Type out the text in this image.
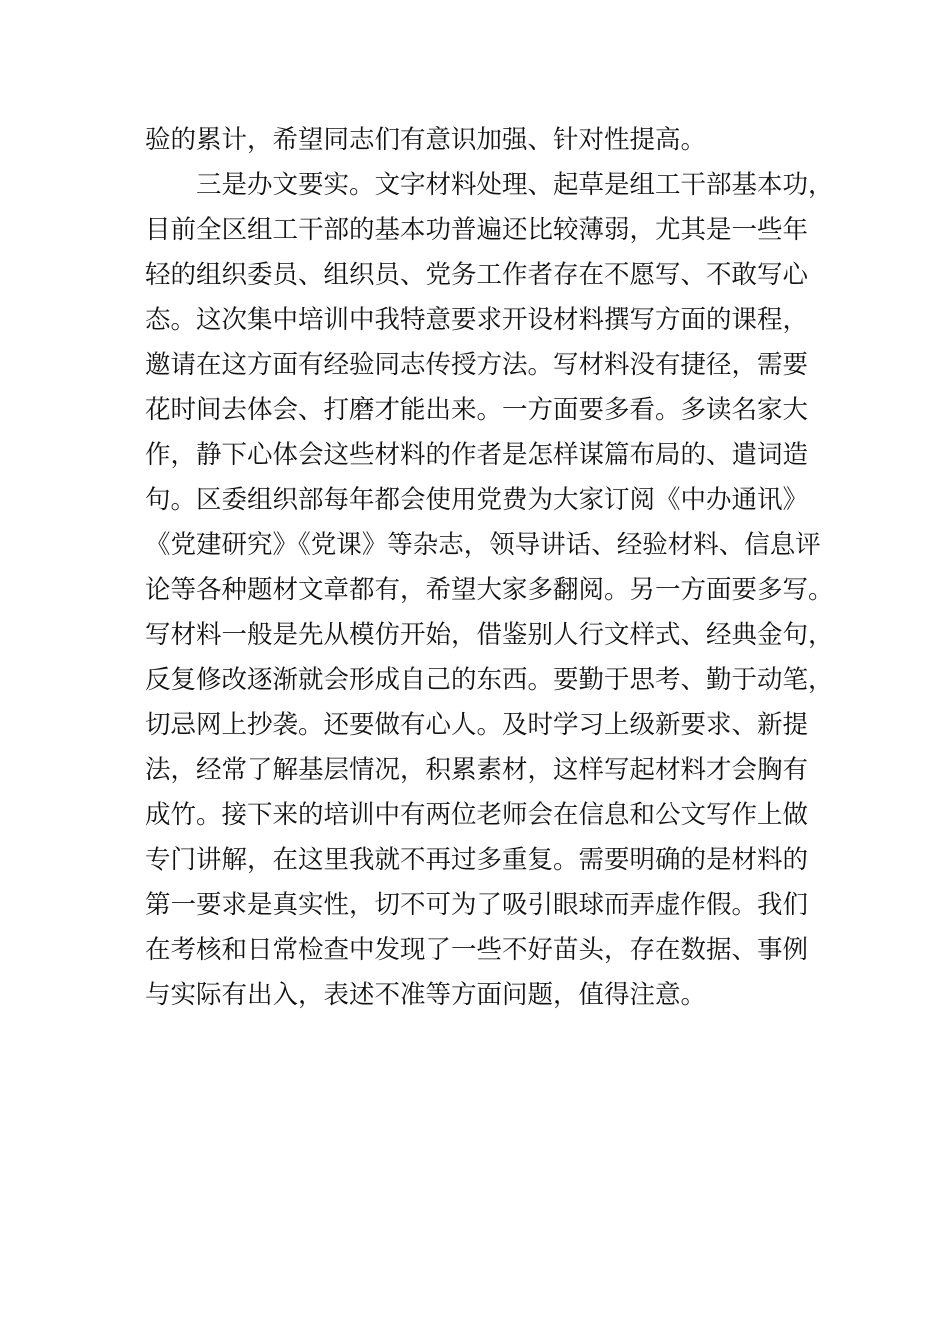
验的累计，希望同志们有意识加强、针对性提高。
三是办文要实。文字材料处理、起草是组工干部基本功，
目前全区组工干部的基本功普遍还比较薄弱，尤其是一些年
轻的组织委员、组织员、党务工作者存在不愿写、不敢写心
态。这次集中培训中我特意要求开设材料撰写方面的课程，
邀请在这方面有经验同志传授方法。写材料没有捷径，需要
花时间去体会、打磨才能出来。一方面要多看。多读名家大
作，静下心体会这些材料的作者是怎样谋篇布局的、遣词造
句。区委组织部每年都会使用党费为大家订阅《中办通讯》
《党建研究》《党课》等杂志，领导讲话、经验材料、信息评
论等各种题材文章都有，希望大家多翻阅。另一方面要多写。
写材料一般是先从模仿开始，借鉴别人行文样式、经典金句，
反复修改逐渐就会形成自己的东西。要勤于思考、勤于动笔，
切忌网上抄袭。还要做有心人。及时学习上级新要求、新提
法，经常了解基层情况，积累素材，这样写起材料才会胸有
成竹。接下来的培训中有两位老师会在信息和公文写作上做
专门讲解，在这里我就不再过多重复。需要明确的是材料的
第一要求是真实性，切不可为了吸引眼球而弄虚作假。我们
在考核和日常检查中发现了一些不好苗头，存在数据、事例
与实际有出入，表述不准等方面问题，值得注意。
